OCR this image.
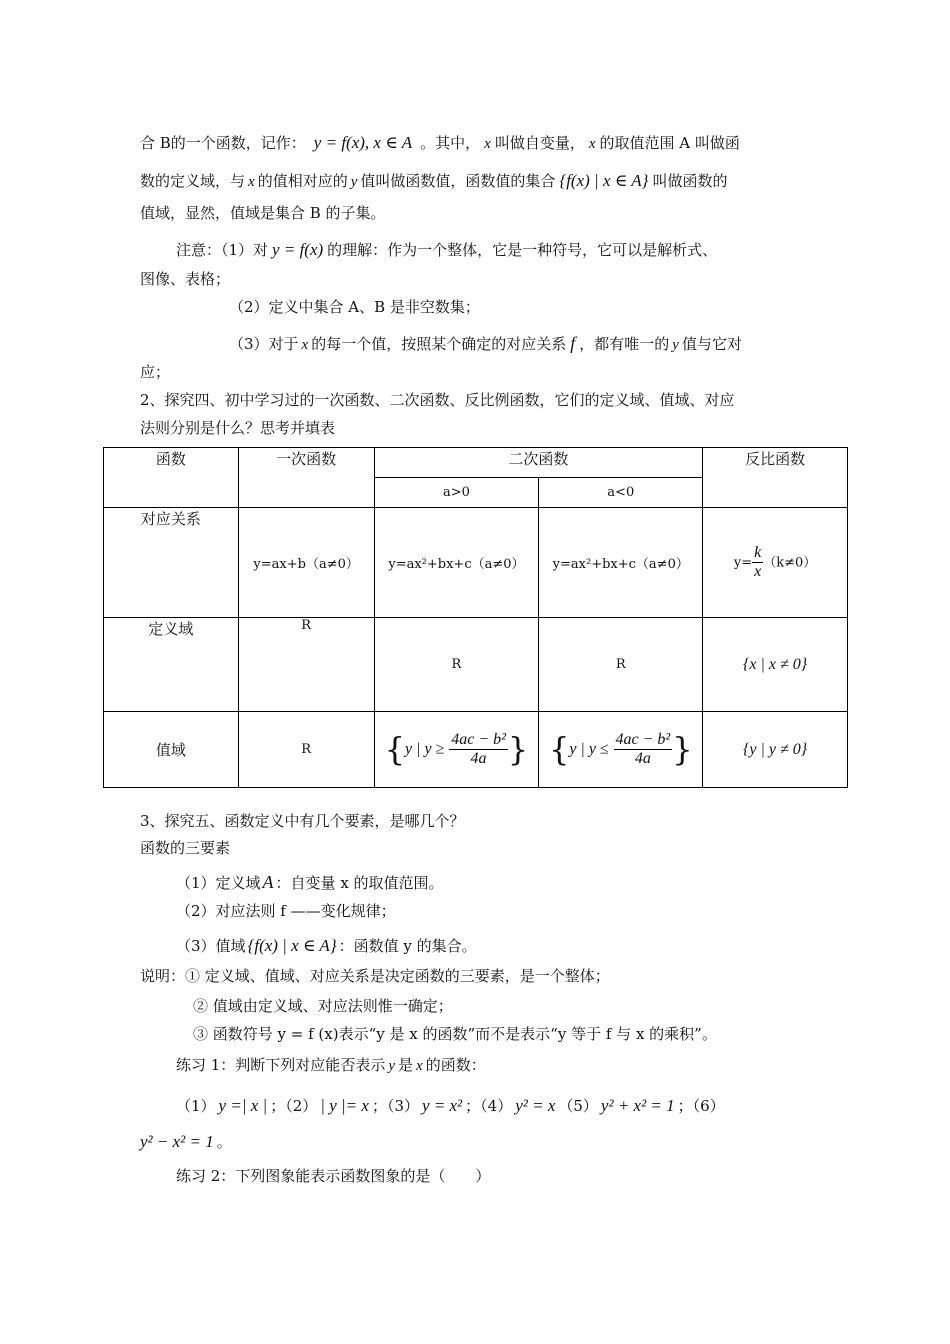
合 B的一个函数，记作： y = f(x), x ∈ A 。其中， x 叫做自变量， x 的取值范围 A 叫做函
数的定义域，与 x 的值相对应的 y 值叫做函数值，函数值的集合 {f(x) | x ∈ A} 叫做函数的
值域，显然，值域是集合 B 的子集。
注意：（1）对 y = f(x) 的理解：作为一个整体，它是一种符号，它可以是解析式、
图像、表格；
（2）定义中集合 A、B 是非空数集；
（3）对于 x 的每一个值，按照某个确定的对应关系 f ，都有唯一的 y 值与它对
应；
2、探究四、初中学习过的一次函数、二次函数、反比例函数，它们的定义域、值域、对应
法则分别是什么？思考并填表
函数	一次函数	二次函数		反比函数
		a>0	a<0	
对应关系	y=ax+b（a≠0）	y=ax²+bx+c（a≠0）	y=ax²+bx+c（a≠0）	$y= \frac{k}{x} (k\ne 0)$
定义域	R	R	R	{x | x ≠ 0}
值域	R	{y | $y \ge \frac{\text{4ac − b²}}{4a}$ }	{y | $y \le \frac{\text{4ac − b²}}{4a}$ }	{y | y ≠ 0}
3、探究五、函数定义中有几个要素，是哪几个？
函数的三要素
（1）定义域 A ：自变量 x 的取值范围。
（2）对应法则 f ——变化规律；
（3）值域 {f(x) | x ∈ A} ：函数值 y 的集合。
说明：① 定义域、值域、对应关系是决定函数的三要素，是一个整体；
② 值域由定义域、对应法则惟一确定；
③ 函数符号 y = f (x)表示“y 是 x 的函数”而不是表示“y 等于 f 与 x 的乘积”。
练习 1：判断下列对应能否表示 y 是 x 的函数：
（1） y =| x | ；（2） | y |= x ；（3） y = x² ；（4） y² = x （5） y² + x² = 1 ；（6）
y² − x² = 1 。
练习 2：下列图象能表示函数图象的是（　　）
